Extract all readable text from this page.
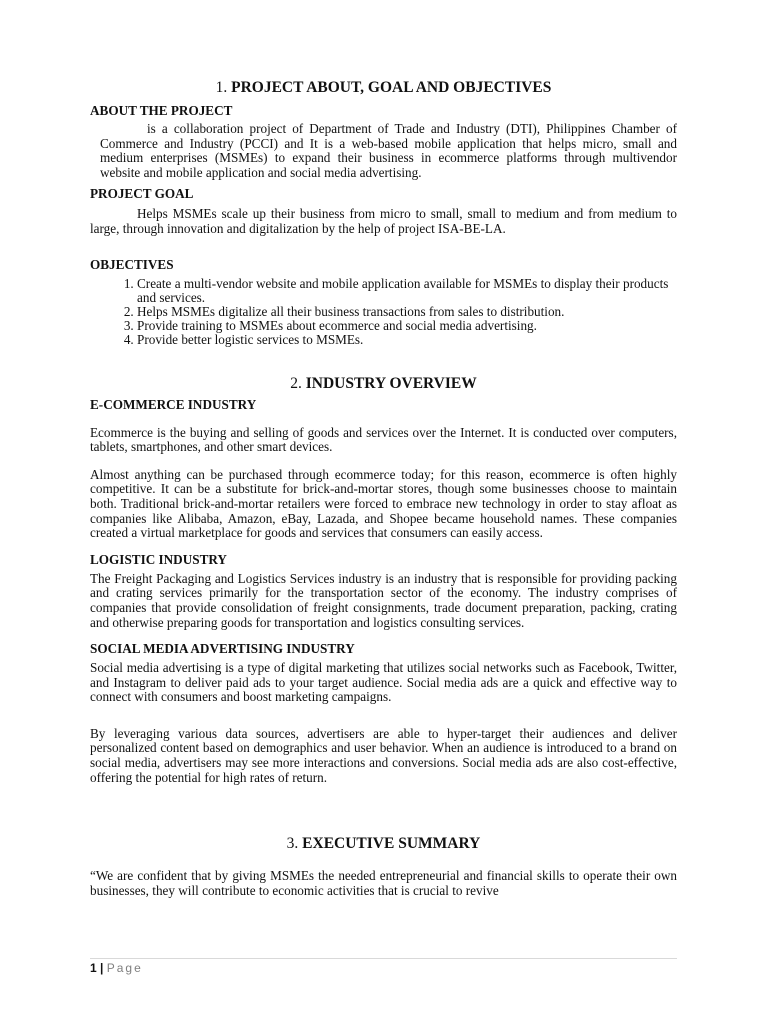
1. PROJECT ABOUT, GOAL AND OBJECTIVES
ABOUT THE PROJECT

is a collaboration project of Department of Trade and Industry (DTI), Philippines Chamber of Commerce and Industry (PCCI) and It is a web-based mobile application that helps micro, small and medium enterprises (MSMEs) to expand their business in ecommerce platforms through multivendor website and mobile application and social media advertising.

PROJECT GOAL

Helps MSMEs scale up their business from micro to small, small to medium and from medium to large, through innovation and digitalization by the help of project ISA-BE-LA.

OBJECTIVES
1. Create a multi-vendor website and mobile application available for MSMEs to display their products and services.
2. Helps MSMEs digitalize all their business transactions from sales to distribution.
3. Provide training to MSMEs about ecommerce and social media advertising.
4. Provide better logistic services to MSMEs.
2. INDUSTRY OVERVIEW
E-COMMERCE INDUSTRY

Ecommerce is the buying and selling of goods and services over the Internet. It is conducted over computers, tablets, smartphones, and other smart devices.

Almost anything can be purchased through ecommerce today; for this reason, ecommerce is often highly competitive. It can be a substitute for brick-and-mortar stores, though some businesses choose to maintain both. Traditional brick-and-mortar retailers were forced to embrace new technology in order to stay afloat as companies like Alibaba, Amazon, eBay, Lazada, and Shopee became household names. These companies created a virtual marketplace for goods and services that consumers can easily access.

LOGISTIC INDUSTRY

The Freight Packaging and Logistics Services industry is an industry that is responsible for providing packing and crating services primarily for the transportation sector of the economy. The industry comprises of companies that provide consolidation of freight consignments, trade document preparation, packing, crating and otherwise preparing goods for transportation and logistics consulting services.

SOCIAL MEDIA ADVERTISING INDUSTRY

Social media advertising is a type of digital marketing that utilizes social networks such as Facebook, Twitter, and Instagram to deliver paid ads to your target audience. Social media ads are a quick and effective way to connect with consumers and boost marketing campaigns.

By leveraging various data sources, advertisers are able to hyper-target their audiences and deliver personalized content based on demographics and user behavior. When an audience is introduced to a brand on social media, advertisers may see more interactions and conversions. Social media ads are also cost-effective, offering the potential for high rates of return.

3. EXECUTIVE SUMMARY

“We are confident that by giving MSMEs the needed entrepreneurial and financial skills to operate their own businesses, they will contribute to economic activities that is crucial to revive

1 | Page
